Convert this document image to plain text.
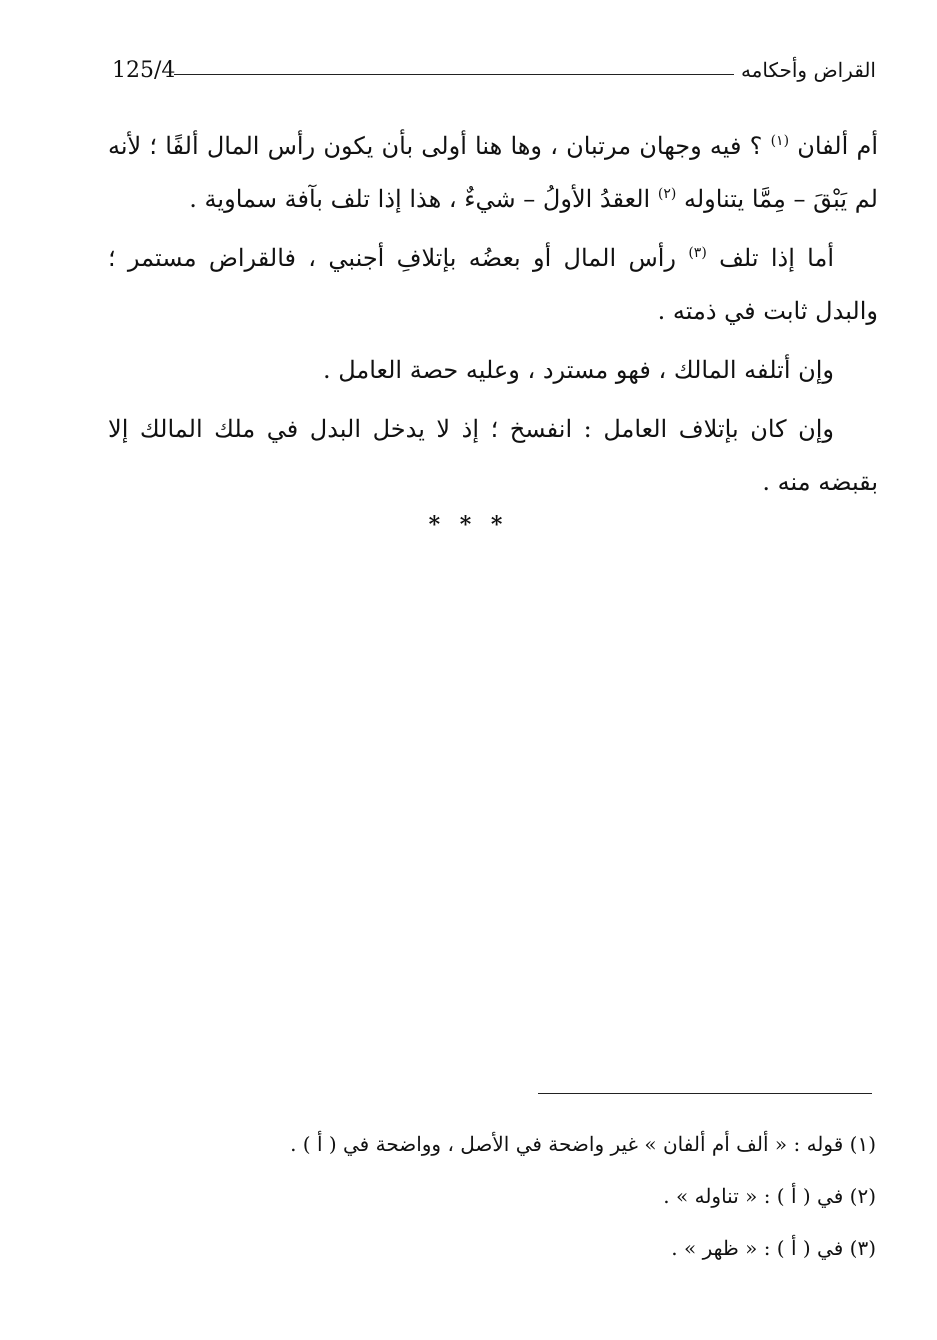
125/4	القراض وأحكامه

أم ألفان $^{(١)}$ ؟ فيه وجهان مرتبان ، وها هنا أولى بأن يكون رأس المال ألفًا ؛ لأنه لم يَبْقَ – مِمَّا يتناوله $^{(٢)}$ العقدُ الأولُ – شيءٌ ، هذا إذا تلف بآفة سماوية .

أما إذا تلف $^{(٣)}$ رأس المال أو بعضُه بإتلافِ أجنبي ، فالقراض مستمر ؛ والبدل ثابت في ذمته .

وإن أتلفه المالك ، فهو مسترد ، وعليه حصة العامل .

وإن كان بإتلاف العامل : انفسخ ؛ إذ لا يدخل البدل في ملك المالك إلا بقبضه منه .

* * *
(١) قوله : « ألف أم ألفان » غير واضحة في الأصل ، وواضحة في ( أ ) .
(٢) في ( أ ) : « تناوله » .
(٣) في ( أ ) : « ظهر » .
